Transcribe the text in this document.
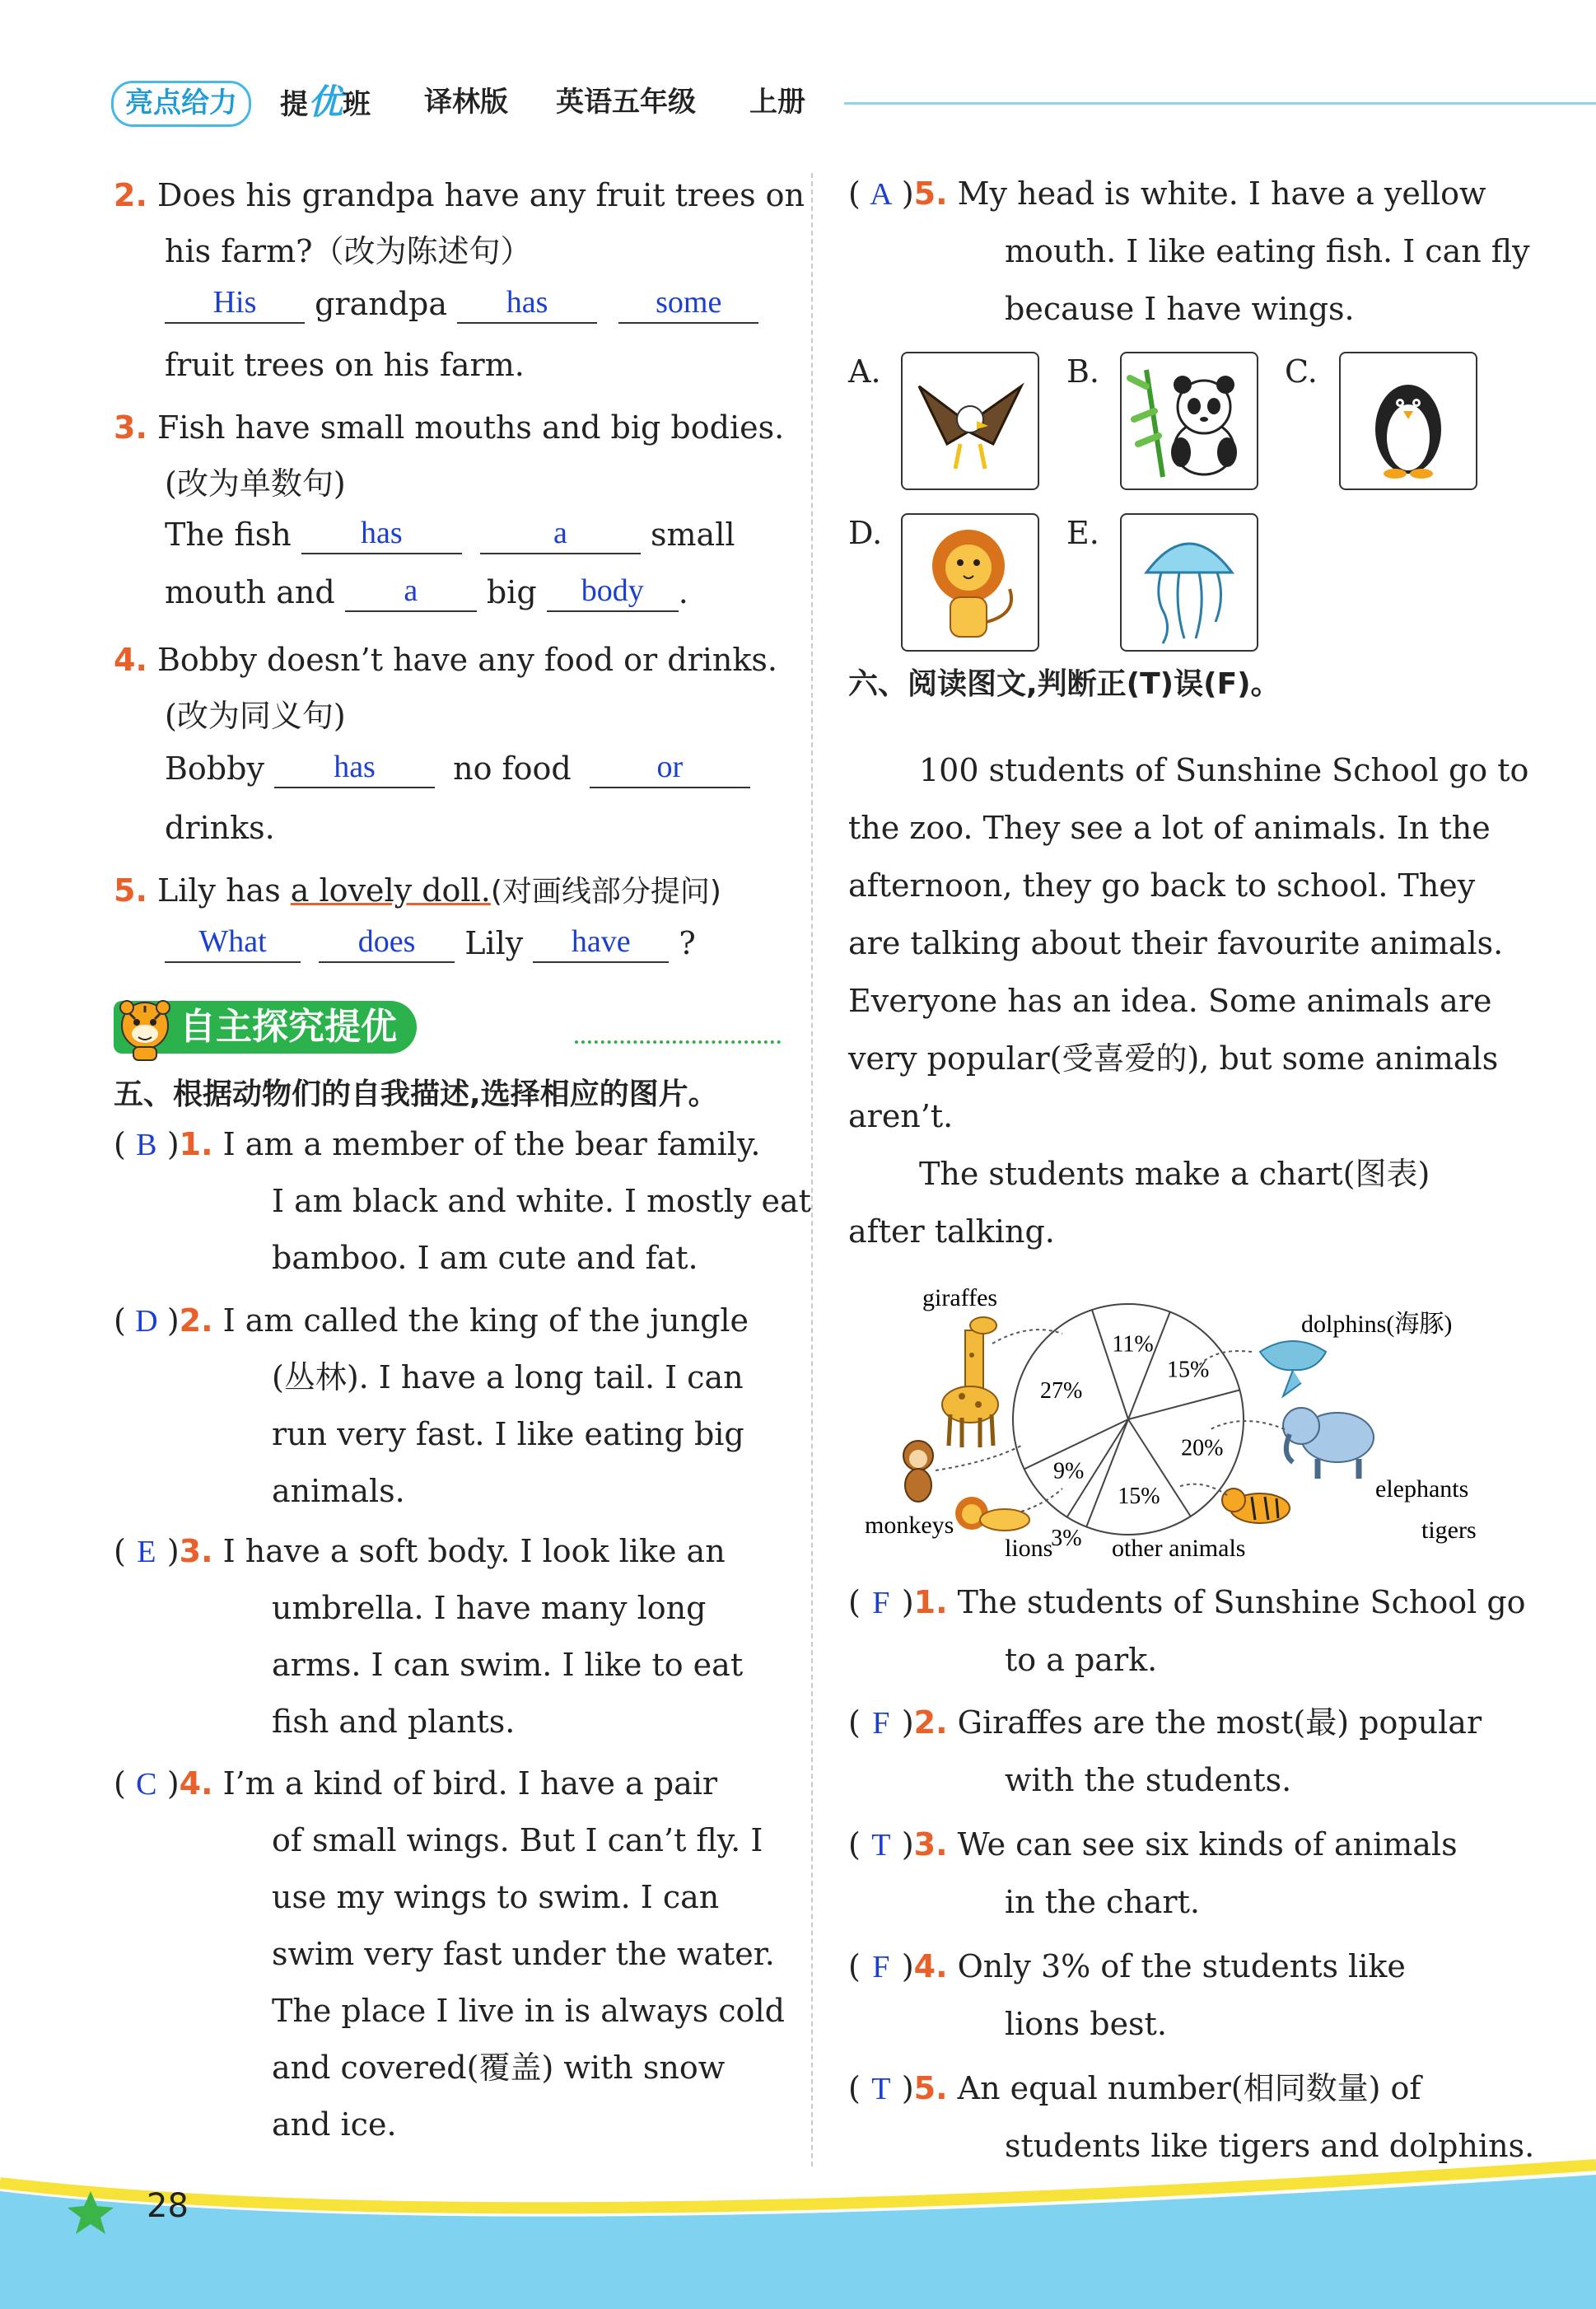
亮点给力	提优班 译林版 英语五年级 上册
2. Does his grandpa have any fruit trees on
his farm?（改为陈述句）
His grandpa has	some
fruit trees on his farm.
3. Fish have small mouths and big bodies.
(改为单数句)
The fish has	a	small
mouth and a big body .
4. Bobby doesn’t have any food or drinks.
(改为同义句)
Bobby has no food	or
drinks.
5. Lily has a lovely doll.(对画线部分提问)
What	does Lily have ?
自主探究提优
五、根据动物们的自我描述,选择相应的图片。
( B )1. I am a member of the bear family.
I am black and white. I mostly eat
bamboo. I am cute and fat.
( D )2. I am called the king of the jungle
(丛林). I have a long tail. I can
run very fast. I like eating big
animals.
( E )3. I have a soft body. I look like an
umbrella. I have many long
arms. I can swim. I like to eat
fish and plants.
( C )4. I’m a kind of bird. I have a pair
of small wings. But I can’t fly. I
use my wings to swim. I can
swim very fast under the water.
The place I live in is always cold
and covered(覆盖) with snow
and ice.
( A )5. My head is white. I have a yellow
mouth. I like eating fish. I can fly
because I have wings.
A.	B.	C.
D.	E.
六、阅读图文,判断正(T)误(F)。
100 students of Sunshine School go to
the zoo. They see a lot of animals. In the
afternoon, they go back to school. They
are talking about their favourite animals.
Everyone has an idea. Some animals are
very popular(受喜爱的), but some animals
aren’t.
The students make a chart(图表)
after talking.
11%
15%
20%
15%
3%
9%
27%
giraffes
dolphins(海豚)
elephants
tigers
monkeys
lions other animals
( F )1. The students of Sunshine School go
to a park.
( F )2. Giraffes are the most(最) popular
with the students.
( T )3. We can see six kinds of animals
in the chart.
( F )4. Only 3% of the students like
lions best.
( T )5. An equal number(相同数量) of
students like tigers and dolphins.
28
